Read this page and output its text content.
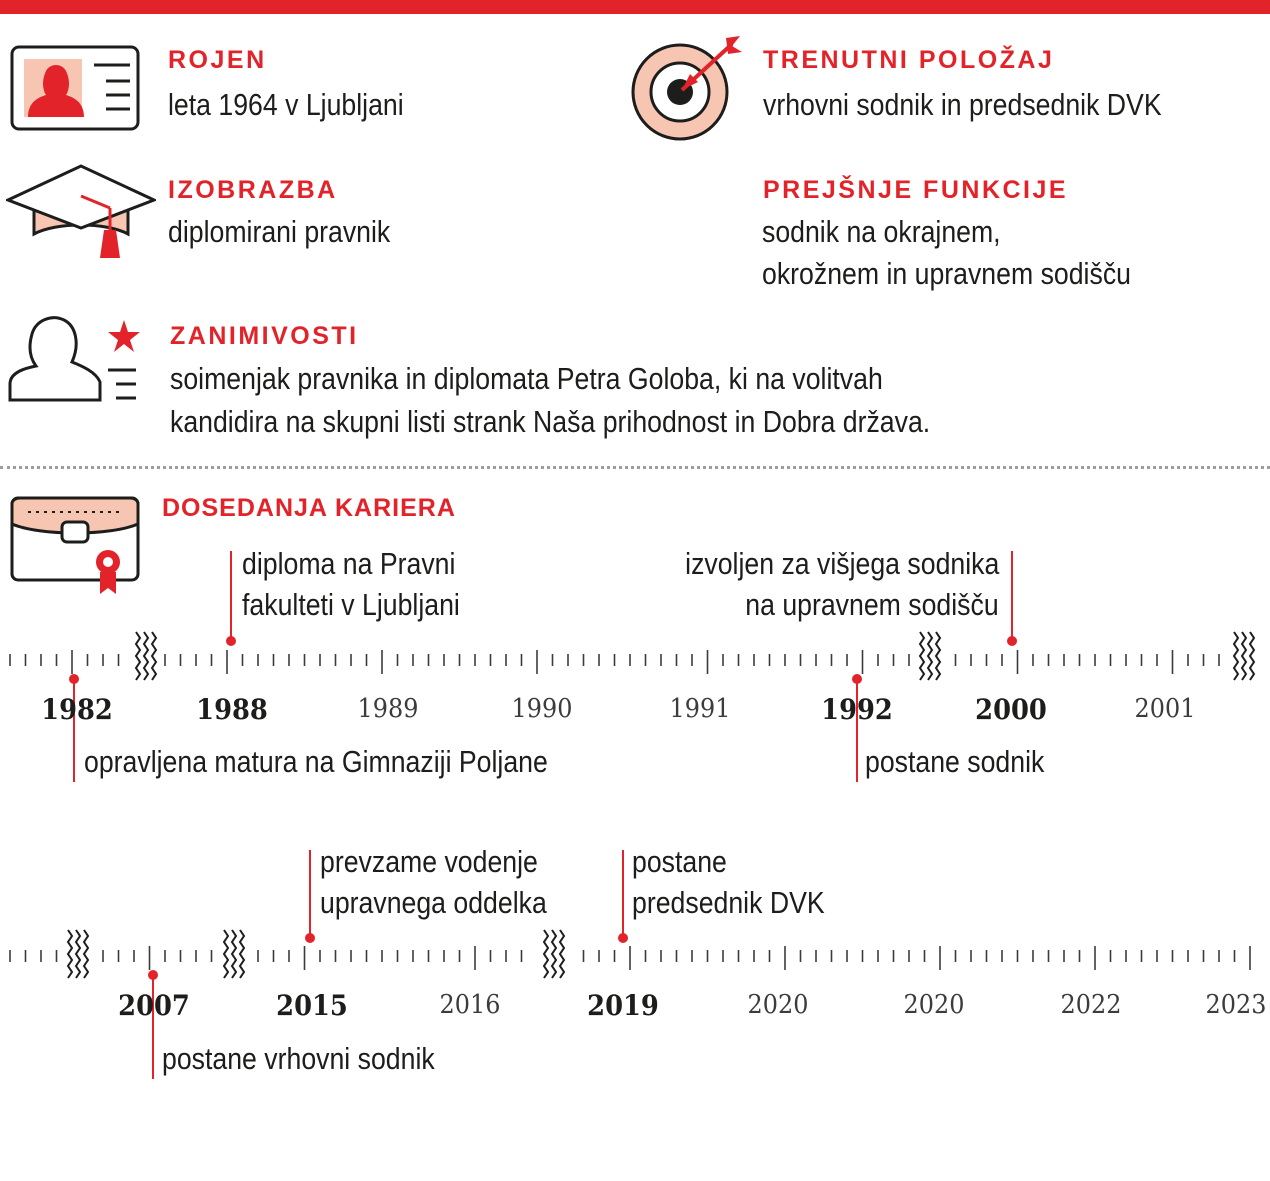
ROJEN
leta 1964 v Ljubljani
TRENUTNI POLOŽAJ
vrhovni sodnik in predsednik DVK
IZOBRAZBA
diplomirani pravnik
PREJŠNJE FUNKCIJE
sodnik na okrajnem,
okrožnem in upravnem sodišču
ZANIMIVOSTI
soimenjak pravnika in diplomata Petra Goloba, ki na volitvah
kandidira na skupni listi strank Naša prihodnost in Dobra država.
DOSEDANJA KARIERA
1982	1988	1989	1990	1991	1992	2000	2001
opravljena matura na Gimnaziji Poljane
diploma na Pravni
fakulteti v Ljubljani
postane sodnik
izvoljen za višjega sodnika
na upravnem sodišču
2007	2015	2016	2019	2020	2020	2022	2023
postane vrhovni sodnik
prevzame vodenje
upravnega oddelka
postane
predsednik DVK
